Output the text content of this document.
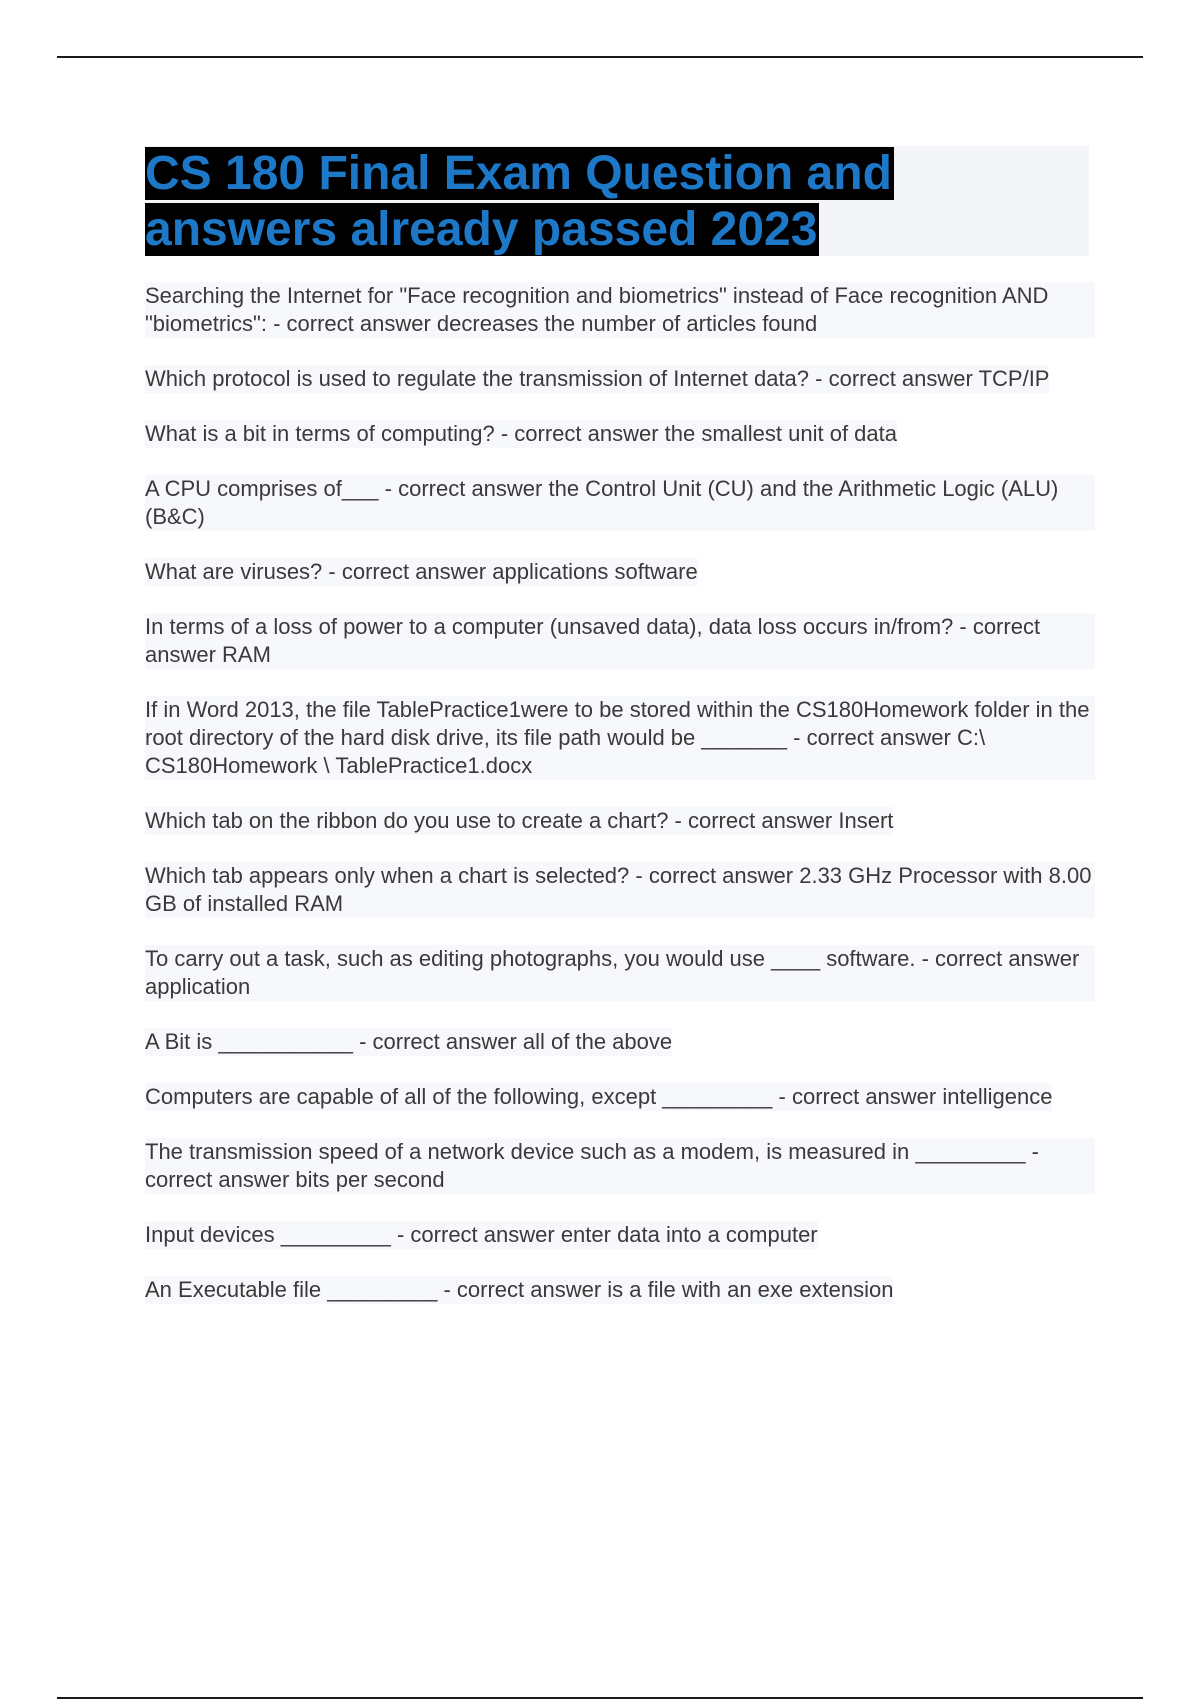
CS 180 Final Exam Question and answers already passed 2023

Searching the Internet for "Face recognition and biometrics" instead of Face recognition AND "biometrics": - correct answer decreases the number of articles found

Which protocol is used to regulate the transmission of Internet data? - correct answer TCP/IP

What is a bit in terms of computing? - correct answer the smallest unit of data

A CPU comprises of___ - correct answer the Control Unit (CU) and the Arithmetic Logic (ALU) (B&C)

What are viruses? - correct answer applications software

In terms of a loss of power to a computer (unsaved data), data loss occurs in/from? - correct answer RAM

If in Word 2013, the file TablePractice1were to be stored within the CS180Homework folder in the root directory of the hard disk drive, its file path would be _______ - correct answer C:\ CS180Homework \ TablePractice1.docx

Which tab on the ribbon do you use to create a chart? - correct answer Insert

Which tab appears only when a chart is selected? - correct answer 2.33 GHz Processor with 8.00 GB of installed RAM

To carry out a task, such as editing photographs, you would use ____ software. - correct answer application

A Bit is ___________ - correct answer all of the above

Computers are capable of all of the following, except _________ - correct answer intelligence

The transmission speed of a network device such as a modem, is measured in _________ - correct answer bits per second

Input devices _________ - correct answer enter data into a computer

An Executable file _________ - correct answer is a file with an exe extension
